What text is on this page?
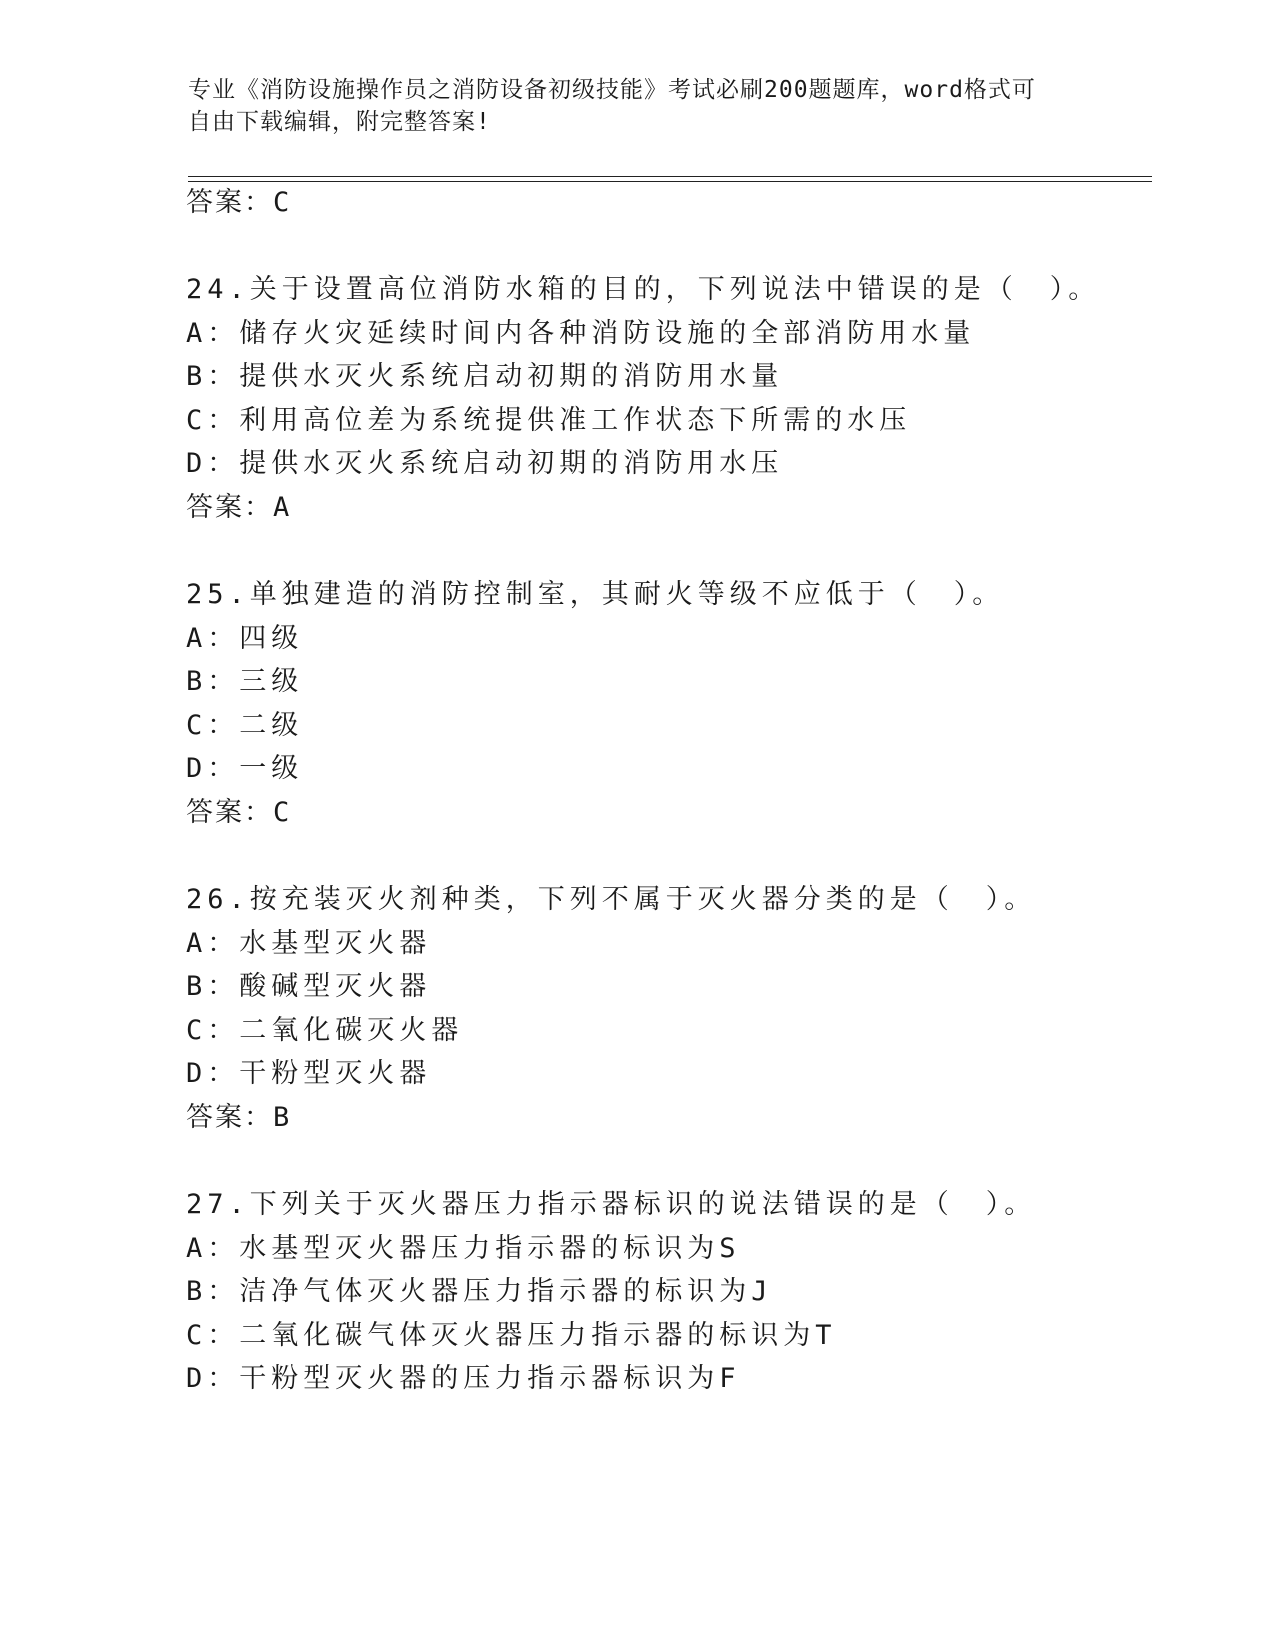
专业《消防设施操作员之消防设备初级技能》考试必刷200题题库，word格式可
自由下载编辑，附完整答案!
答案：C
24.关于设置高位消防水箱的目的，下列说法中错误的是（　）。
A：储存火灾延续时间内各种消防设施的全部消防用水量
B：提供水灭火系统启动初期的消防用水量
C：利用高位差为系统提供准工作状态下所需的水压
D：提供水灭火系统启动初期的消防用水压
答案：A
25.单独建造的消防控制室，其耐火等级不应低于（　）。
A：四级
B：三级
C：二级
D：一级
答案：C
26.按充装灭火剂种类，下列不属于灭火器分类的是（　）。
A：水基型灭火器
B：酸碱型灭火器
C：二氧化碳灭火器
D：干粉型灭火器
答案：B
27.下列关于灭火器压力指示器标识的说法错误的是（　）。
A：水基型灭火器压力指示器的标识为S
B：洁净气体灭火器压力指示器的标识为J
C：二氧化碳气体灭火器压力指示器的标识为T
D：干粉型灭火器的压力指示器标识为F
